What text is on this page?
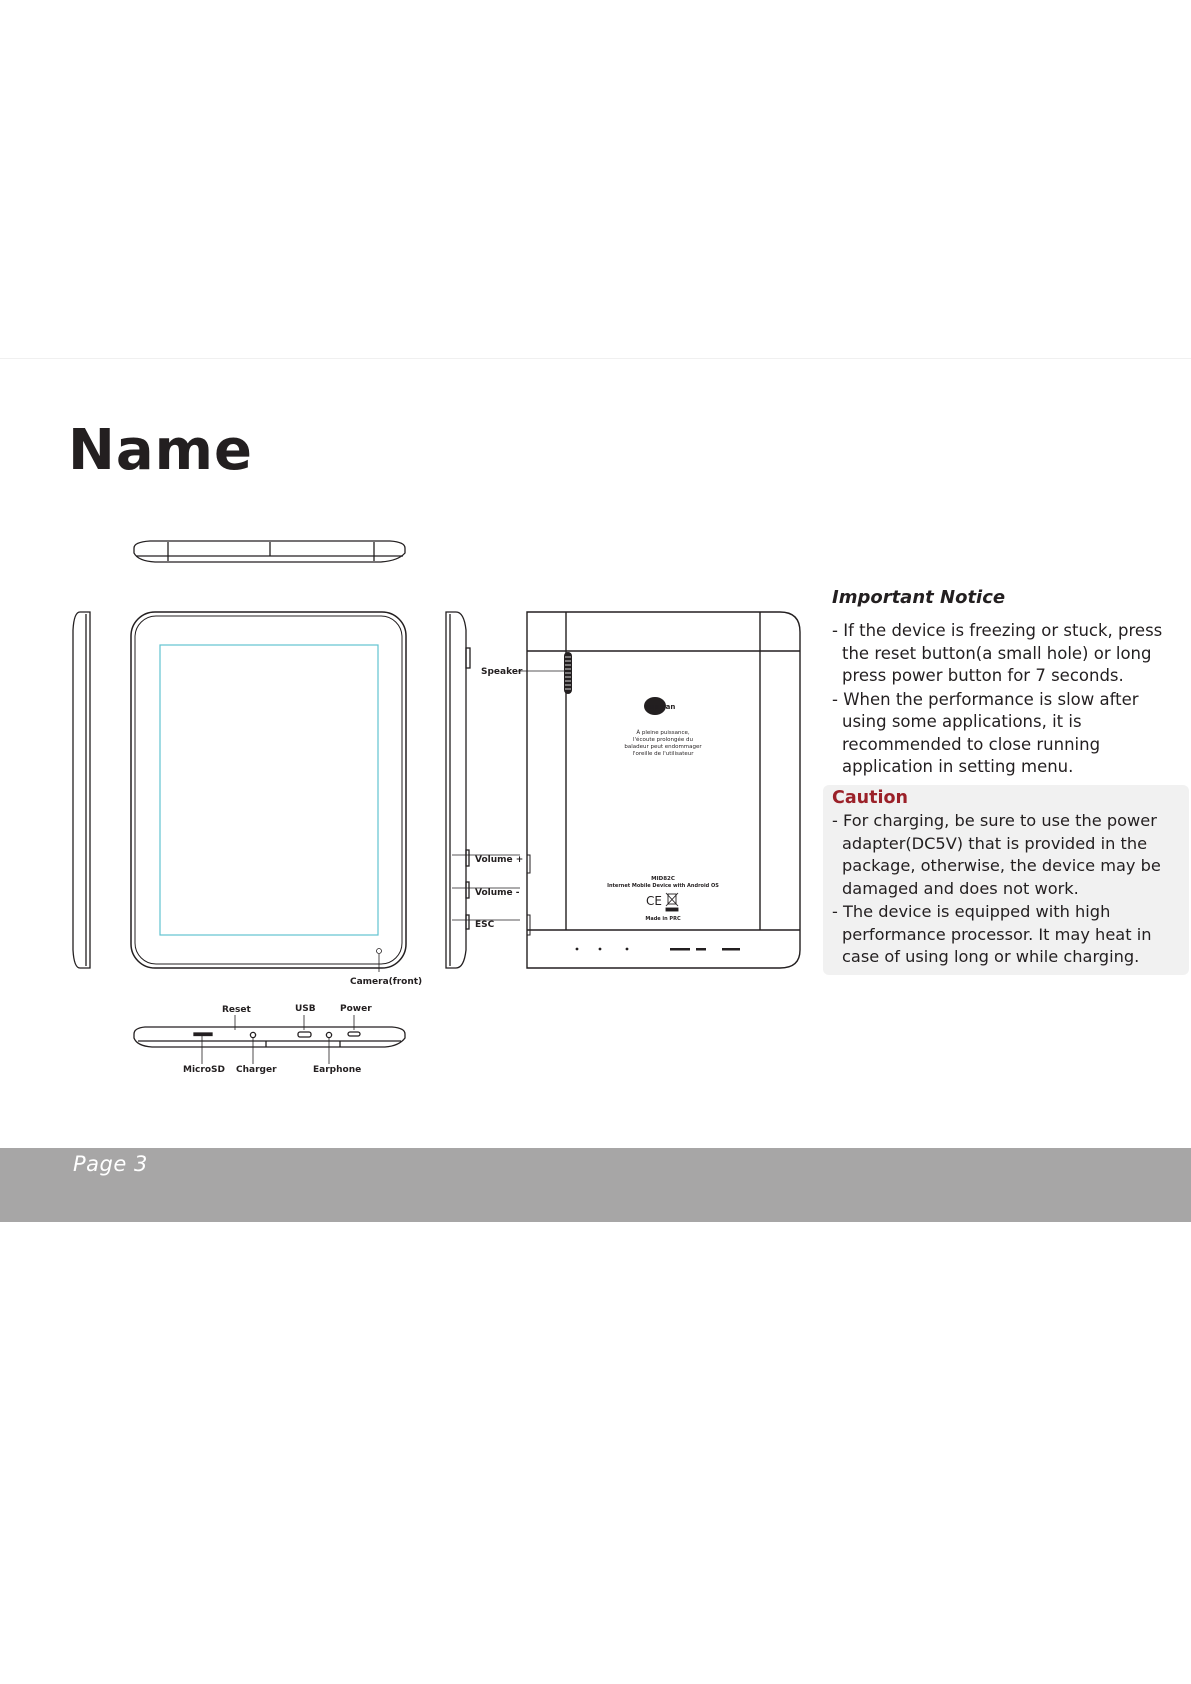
Name
Camera(front)
Volume +
Volume -
ESC
Speaker
mpman
À pleine puissance,
l'écoute prolongée du
baladeur peut endommager
l'oreille de l'utilisateur
MID82C
Internet Mobile Device with Android OS
CE
Made in PRC
Reset	USB	Power
MicroSD Charger	Earphone
Important Notice
- If the device is freezing or stuck, press the reset button(a small hole) or long press power button for 7 seconds.
- When the performance is slow after using some applications, it is recommended to close running application in setting menu.
Caution
- For charging, be sure to use the power adapter(DC5V) that is provided in the package, otherwise, the device may be damaged and does not work.
- The device is equipped with high performance processor. It may heat in case of using long or while charging.
Page 3
